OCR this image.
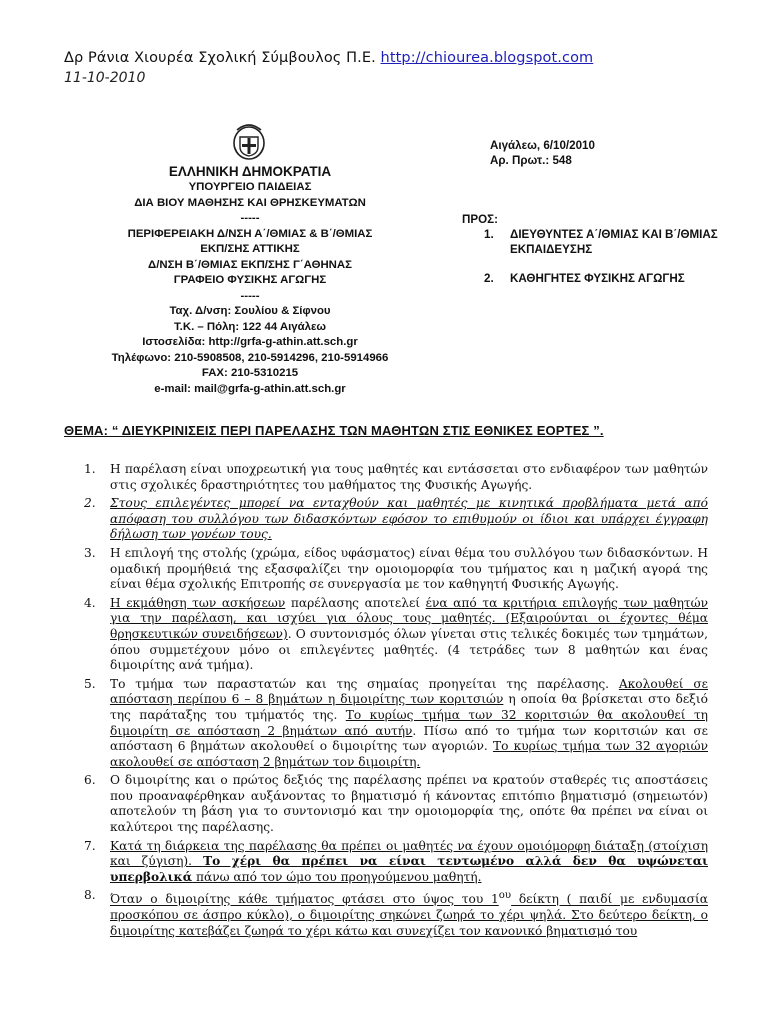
Δρ Ράνια Χιουρέα Σχολική Σύμβουλος Π.Ε. http://chiourea.blogspot.com
11-10-2010
ΕΛΛΗΝΙΚΗ ΔΗΜΟΚΡΑΤΙΑ
ΥΠΟΥΡΓΕΙΟ ΠΑΙΔΕΙΑΣ
ΔΙΑ ΒΙΟΥ ΜΑΘΗΣΗΣ ΚΑΙ ΘΡΗΣΚΕΥΜΑΤΩΝ
-----
ΠΕΡΙΦΕΡΕΙΑΚΗ Δ/ΝΣΗ Α΄/ΘΜΙΑΣ & Β΄/ΘΜΙΑΣ
ΕΚΠ/ΣΗΣ ΑΤΤΙΚΗΣ
Δ/ΝΣΗ Β΄/ΘΜΙΑΣ ΕΚΠ/ΣΗΣ Γ΄ΑΘΗΝΑΣ
ΓΡΑΦΕΙΟ ΦΥΣΙΚΗΣ ΑΓΩΓΗΣ
-----
Ταχ. Δ/νση: Σουλίου & Σίφνου
Τ.Κ. – Πόλη: 122 44 Αιγάλεω
Ιστοσελίδα: http://grfa-g-athin.att.sch.gr
Τηλέφωνο: 210-5908508, 210-5914296, 210-5914966
FAX: 210-5310215
e-mail: mail@grfa-g-athin.att.sch.gr
Αιγάλεω, 6/10/2010
Αρ. Πρωτ.: 548
ΠΡΟΣ:
1.	ΔΙΕΥΘΥΝΤΕΣ Α΄/ΘΜΙΑΣ ΚΑΙ Β΄/ΘΜΙΑΣ ΕΚΠΑΙΔΕΥΣΗΣ
2.	ΚΑΘΗΓΗΤΕΣ ΦΥΣΙΚΗΣ ΑΓΩΓΗΣ
ΘΕΜΑ: “ ΔΙΕΥΚΡΙΝΙΣΕΙΣ ΠΕΡΙ ΠΑΡΕΛΑΣΗΣ ΤΩΝ ΜΑΘΗΤΩΝ ΣΤΙΣ ΕΘΝΙΚΕΣ ΕΟΡΤΕΣ ”.
1. Η παρέλαση είναι υποχρεωτική για τους μαθητές και εντάσσεται στο ενδιαφέρον των μαθητών στις σχολικές δραστηριότητες του μαθήματος της Φυσικής Αγωγής.
2. Στους επιλεγέντες μπορεί να ενταχθούν και μαθητές με κινητικά προβλήματα μετά από απόφαση του συλλόγου των διδασκόντων εφόσον το επιθυμούν οι ίδιοι και υπάρχει έγγραφη δήλωση των γονέων τους.
3. Η επιλογή της στολής (χρώμα, είδος υφάσματος) είναι θέμα του συλλόγου των διδασκόντων. Η ομαδική προμήθειά της εξασφαλίζει την ομοιομορφία του τμήματος και η μαζική αγορά της είναι θέμα σχολικής Επιτροπής σε συνεργασία με τον καθηγητή Φυσικής Αγωγής.
4. Η εκμάθηση των ασκήσεων παρέλασης αποτελεί ένα από τα κριτήρια επιλογής των μαθητών για την παρέλαση, και ισχύει για όλους τους μαθητές. (Εξαιρούνται οι έχοντες θέμα θρησκευτικών συνειδήσεων). Ο συντονισμός όλων γίνεται στις τελικές δοκιμές των τμημάτων, όπου συμμετέχουν μόνο οι επιλεγέντες μαθητές. (4 τετράδες των 8 μαθητών και ένας διμοιρίτης ανά τμήμα).
5. Το τμήμα των παραστατών και της σημαίας προηγείται της παρέλασης. Ακολουθεί σε απόσταση περίπου 6 – 8 βημάτων η διμοιρίτης των κοριτσιών η οποία θα βρίσκεται στο δεξιό της παράταξης του τμήματός της. Το κυρίως τμήμα των 32 κοριτσιών θα ακολουθεί τη διμοιρίτη σε απόσταση 2 βημάτων από αυτήν. Πίσω από το τμήμα των κοριτσιών και σε απόσταση 6 βημάτων ακολουθεί ο διμοιρίτης των αγοριών. Το κυρίως τμήμα των 32 αγοριών ακολουθεί σε απόσταση 2 βημάτων τον διμοιρίτη.
6. Ο διμοιρίτης και ο πρώτος δεξιός της παρέλασης πρέπει να κρατούν σταθερές τις αποστάσεις που προαναφέρθηκαν αυξάνοντας το βηματισμό ή κάνοντας επιτόπιο βηματισμό (σημειωτόν) αποτελούν τη βάση για το συντονισμό και την ομοιομορφία της, οπότε θα πρέπει να είναι οι καλύτεροι της παρέλασης.
7. Κατά τη διάρκεια της παρέλασης θα πρέπει οι μαθητές να έχουν ομοιόμορφη διάταξη (στοίχιση και ζύγιση). Το χέρι θα πρέπει να είναι τεντωμένο αλλά δεν θα υψώνεται υπερβολικά πάνω από τον ώμο του προηγούμενου μαθητή.
8. Όταν ο διμοιρίτης κάθε τμήματος φτάσει στο ύψος του $1^{o\upsilon}$ δείκτη ( παιδί με ενδυμασία προσκόπου σε άσπρο κύκλο), ο διμοιρίτης σηκώνει ζωηρά το χέρι ψηλά. Στο δεύτερο δείκτη, ο διμοιρίτης κατεβάζει ζωηρά το χέρι κάτω και συνεχίζει τον κανονικό βηματισμό του
